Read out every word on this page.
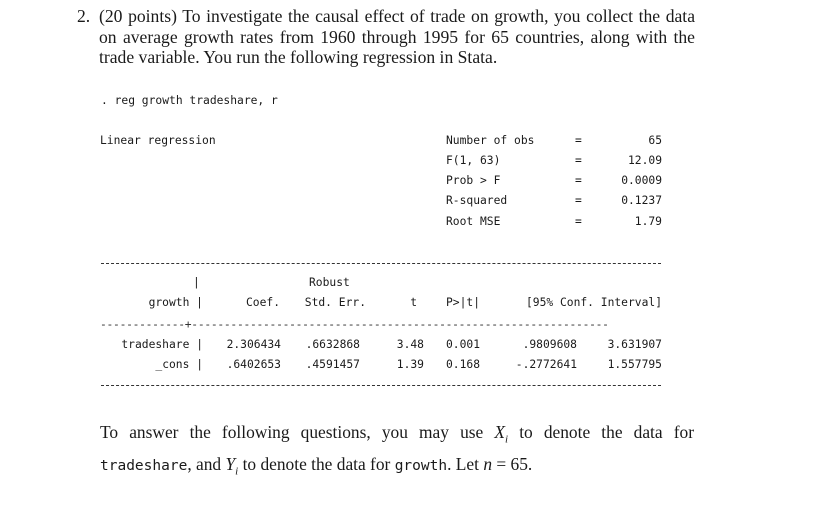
2. (20 points) To investigate the causal effect of trade on growth, you collect the data on average growth rates from 1960 through 1995 for 65 countries, along with the trade variable. You run the following regression in Stata.
. reg growth tradeshare, r
Linear regression	Number of obs	=	65
F(1, 63)	=	12.09
Prob > F	=	0.0009
R-squared	=	0.1237
Root MSE	=	1.79
|	Robust
growth |	Coef.	Std. Err.	t	P>|t|	[95% Conf. Interval]
-------------+----------------------------------------------------------------
tradeshare |	2.306434	.6632868	3.48 0.001	.9809608	3.631907
_cons |	.6402653	.4591457	1.39 0.168	-.2772641	1.557795
To answer the following questions, you may use $X_i$ to denote the data for tradeshare, and $Y_i$ to denote the data for growth. Let n = 65.
